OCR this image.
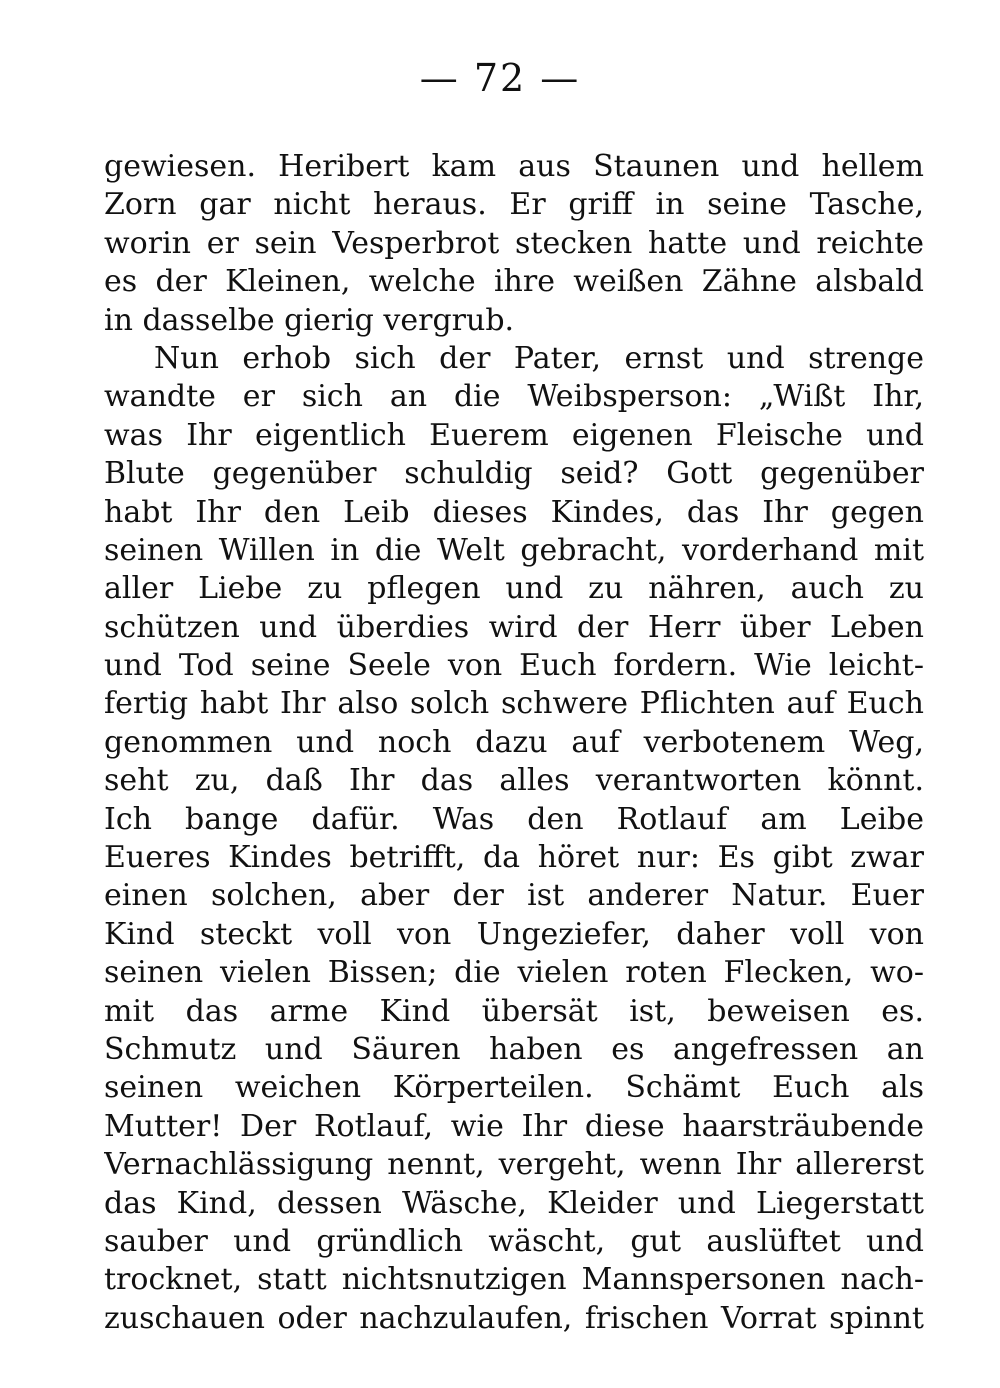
— 72 —
gewiesen. Heribert kam aus Staunen und hellem
Zorn gar nicht heraus. Er griff in seine Tasche,
worin er sein Vesperbrot stecken hatte und reichte
es der Kleinen, welche ihre weißen Zähne alsbald
in dasselbe gierig vergrub.
Nun erhob sich der Pater, ernst und strenge
wandte er sich an die Weibsperson: „Wißt Ihr,
was Ihr eigentlich Euerem eigenen Fleische und
Blute gegenüber schuldig seid? Gott gegenüber
habt Ihr den Leib dieses Kindes, das Ihr gegen
seinen Willen in die Welt gebracht, vorderhand mit
aller Liebe zu pflegen und zu nähren, auch zu
schützen und überdies wird der Herr über Leben
und Tod seine Seele von Euch fordern. Wie leicht-
fertig habt Ihr also solch schwere Pflichten auf Euch
genommen und noch dazu auf verbotenem Weg,
seht zu, daß Ihr das alles verantworten könnt.
Ich bange dafür. Was den Rotlauf am Leibe
Eueres Kindes betrifft, da höret nur: Es gibt zwar
einen solchen, aber der ist anderer Natur. Euer
Kind steckt voll von Ungeziefer, daher voll von
seinen vielen Bissen; die vielen roten Flecken, wo-
mit das arme Kind übersät ist, beweisen es.
Schmutz und Säuren haben es angefressen an
seinen weichen Körperteilen. Schämt Euch als
Mutter! Der Rotlauf, wie Ihr diese haarsträubende
Vernachlässigung nennt, vergeht, wenn Ihr allererst
das Kind, dessen Wäsche, Kleider und Liegerstatt
sauber und gründlich wäscht, gut auslüftet und
trocknet, statt nichtsnutzigen Mannspersonen nach-
zuschauen oder nachzulaufen, frischen Vorrat spinnt
